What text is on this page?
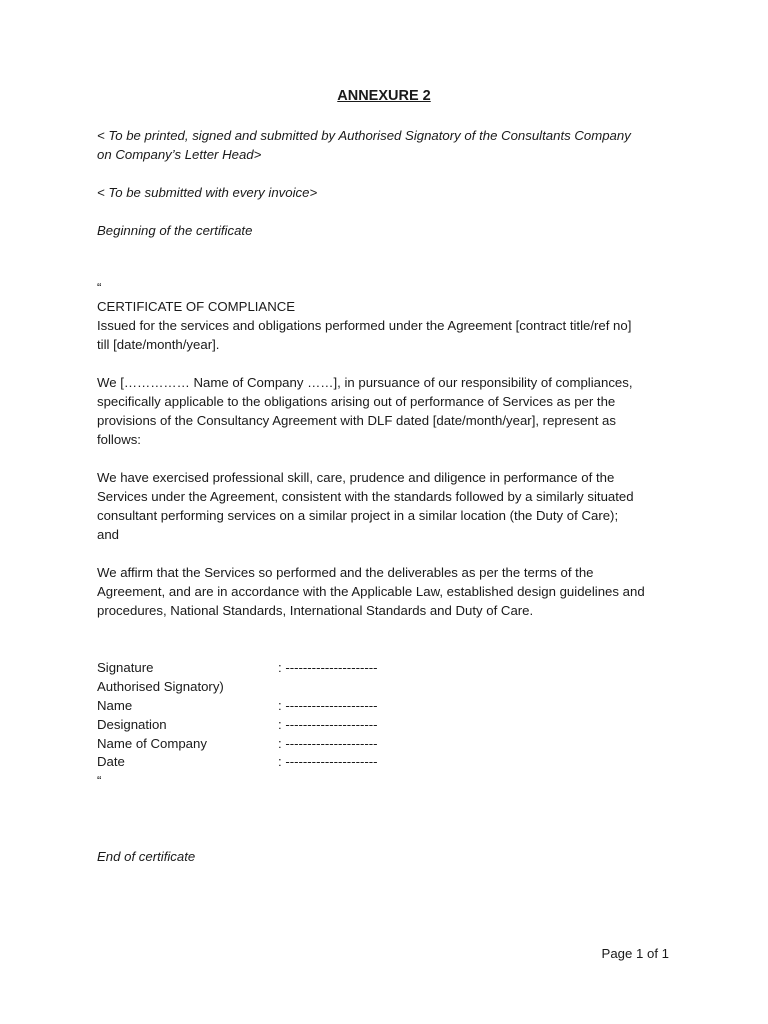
ANNEXURE 2
< To be printed, signed and submitted by Authorised Signatory of the Consultants Company
on Company’s Letter Head>
< To be submitted with every invoice>
Beginning of the certificate
“
CERTIFICATE OF COMPLIANCE
Issued for the services and obligations performed under the Agreement [contract title/ref no]
till [date/month/year].
We […………… Name of Company ……], in pursuance of our responsibility of compliances,
specifically applicable to the obligations arising out of performance of Services as per the
provisions of the Consultancy Agreement with DLF dated [date/month/year], represent as
follows:
We have exercised professional skill, care, prudence and diligence in performance of the
Services under the Agreement, consistent with the standards followed by a similarly situated
consultant performing services on a similar project in a similar location (the Duty of Care);
and
We affirm that the Services so performed and the deliverables as per the terms of the
Agreement, and are in accordance with the Applicable Law, established design guidelines and
procedures, National Standards, International Standards and Duty of Care.
Signature	: ---------------------
Authorised Signatory)
Name	: ---------------------
Designation	: ---------------------
Name of Company	: ---------------------
Date	: ---------------------
“
End of certificate
Page 1 of 1
